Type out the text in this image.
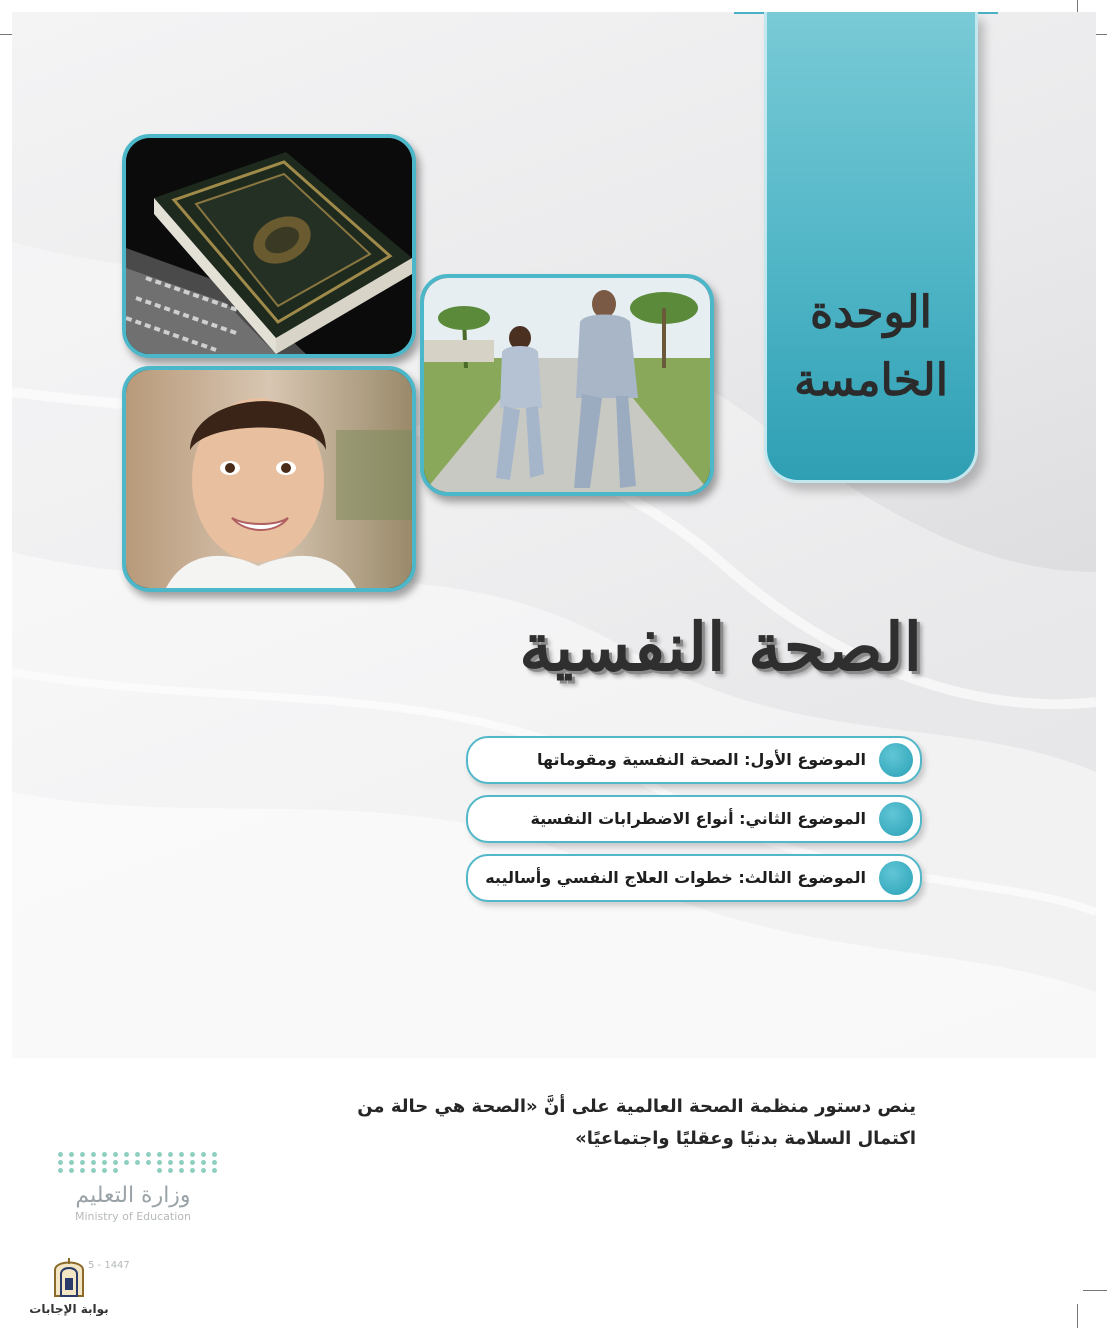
الوحدة
الخامسة
الصحة النفسية
الموضوع الأول: الصحة النفسية ومقوماتها
الموضوع الثاني: أنواع الاضطرابات النفسية
الموضوع الثالث: خطوات العلاج النفسي وأساليبه
ينص دستور منظمة الصحة العالمية على أنَّ «الصحة هي حالة من
اكتمال السلامة بدنيًا وعقليًا واجتماعيًا»
وزارة التعليم
Ministry of Education
5 - 1447
بوابة الإجابات
